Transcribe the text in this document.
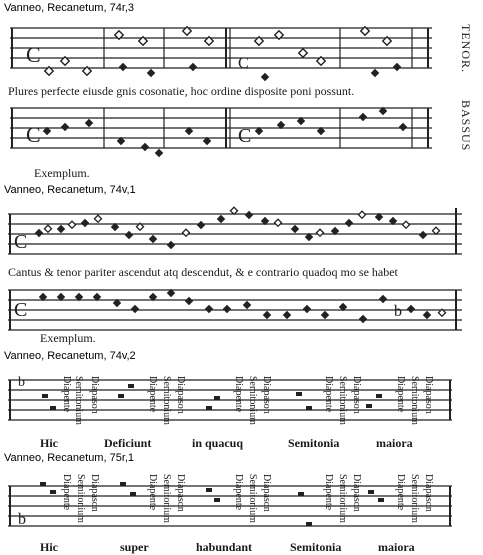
Vanneo, Recanetum, 74r,3
C	C	TENOR.
BASSUS
Plures perfecte eiusde gnis cosonatie, hoc ordine disposite poni possunt.
C	C
Exemplum.
Vanneo, Recanetum, 74v,1
C
Cantus & tenor pariter ascendut atq descendut, & e contrario quadoq mo se habet
C	b
Exemplum.
Vanneo, Recanetum, 74v,2
b	Diapente Semitonium Diapason	Diapente Semitonium Diapason	Diapente Semitonium Diapason	Diapente Semitonium Diapason	Diapente Semitonium Diapason
Hic	Deficiunt	in quacuq	Semitonia	maiora
Vanneo, Recanetum, 75r,1
b
Diapente Semitonium Diapason	Diapente Semitonium Diapason	Diapente Semitonium Diapason	Diapente Semitonium Diapason	Diapente Semitonium Diapason
Hic	super	habundant	Semitonia	maiora
